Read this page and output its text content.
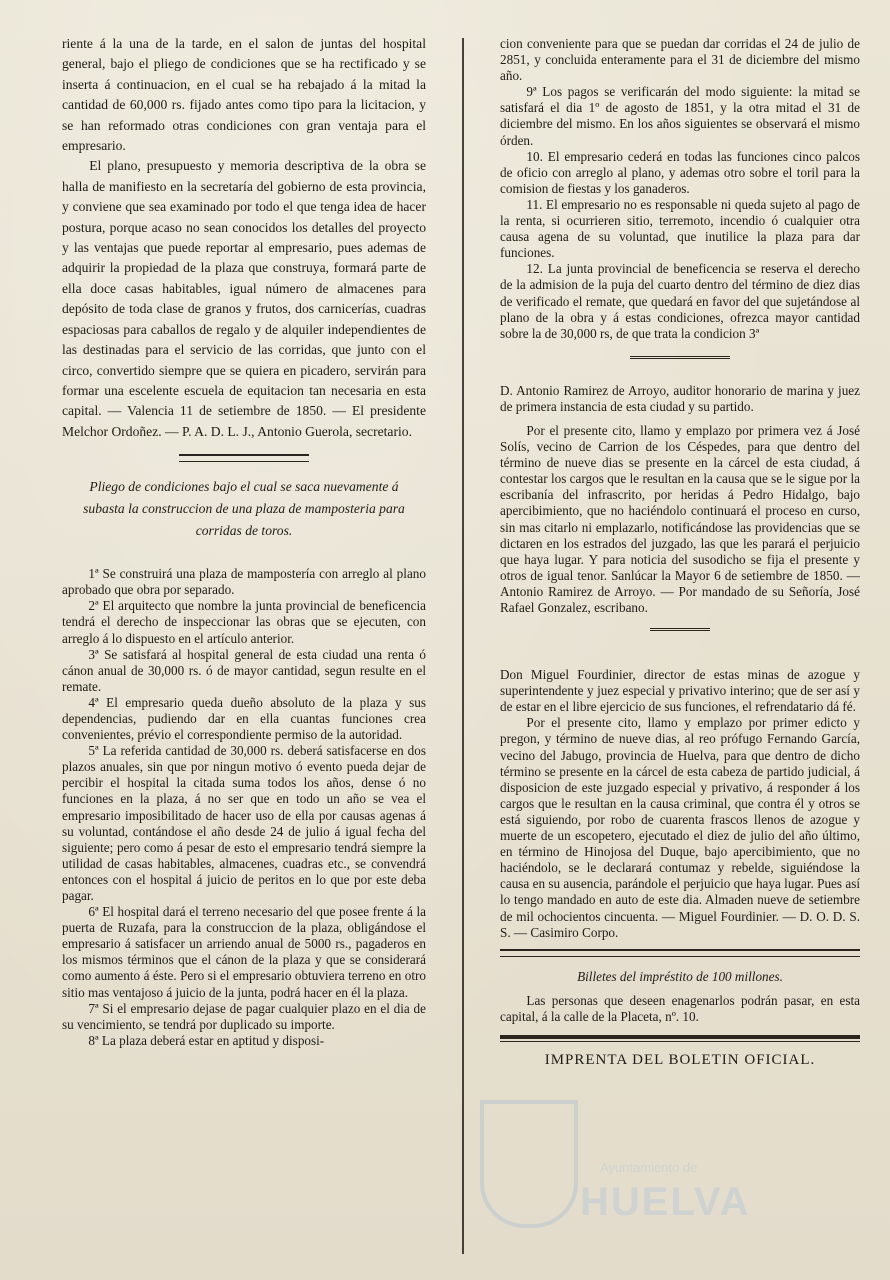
riente á la una de la tarde, en el salon de juntas del hospital general, bajo el pliego de condiciones que se ha rectificado y se inserta á continuacion, en el cual se ha rebajado á la mitad la cantidad de 60,000 rs. fijado antes como tipo para la licitacion, y se han reformado otras condiciones con gran ventaja para el empresario.

El plano, presupuesto y memoria descriptiva de la obra se halla de manifiesto en la secretaría del gobierno de esta provincia, y conviene que sea examinado por todo el que tenga idea de hacer postura, porque acaso no sean conocidos los detalles del proyecto y las ventajas que puede reportar al empresario, pues ademas de adquirir la propiedad de la plaza que construya, formará parte de ella doce casas habitables, igual número de almacenes para depósito de toda clase de granos y frutos, dos carnicerías, cuadras espaciosas para caballos de regalo y de alquiler independientes de las destinadas para el servicio de las corridas, que junto con el circo, convertido siempre que se quiera en picadero, servirán para formar una escelente escuela de equitacion tan necesaria en esta capital. — Valencia 11 de setiembre de 1850. — El presidente Melchor Ordoñez. — P. A. D. L. J., Antonio Guerola, secretario.

Pliego de condiciones bajo el cual se saca nuevamente á subasta la construccion de una plaza de mamposteria para corridas de toros.

1ª Se construirá una plaza de mampostería con arreglo al plano aprobado que obra por separado.

2ª El arquitecto que nombre la junta provincial de beneficencia tendrá el derecho de inspeccionar las obras que se ejecuten, con arreglo á lo dispuesto en el artículo anterior.

3ª Se satisfará al hospital general de esta ciudad una renta ó cánon anual de 30,000 rs. ó de mayor cantidad, segun resulte en el remate.

4ª El empresario queda dueño absoluto de la plaza y sus dependencias, pudiendo dar en ella cuantas funciones crea convenientes, prévio el correspondiente permiso de la autoridad.

5ª La referida cantidad de 30,000 rs. deberá satisfacerse en dos plazos anuales, sin que por ningun motivo ó evento pueda dejar de percibir el hospital la citada suma todos los años, dense ó no funciones en la plaza, á no ser que en todo un año se vea el empresario imposibilitado de hacer uso de ella por causas agenas á su voluntad, contándose el año desde 24 de julio á igual fecha del siguiente; pero como á pesar de esto el empresario tendrá siempre la utilidad de casas habitables, almacenes, cuadras etc., se convendrá entonces con el hospital á juicio de peritos en lo que por este deba pagar.

6ª El hospital dará el terreno necesario del que posee frente á la puerta de Ruzafa, para la construccion de la plaza, obligándose el empresario á satisfacer un arriendo anual de 5000 rs., pagaderos en los mismos términos que el cánon de la plaza y que se considerará como aumento á éste. Pero si el empresario obtuviera terreno en otro sitio mas ventajoso á juicio de la junta, podrá hacer en él la plaza.

7ª Si el empresario dejase de pagar cualquier plazo en el dia de su vencimiento, se tendrá por duplicado su importe.

8ª La plaza deberá estar en aptitud y disposi-

cion conveniente para que se puedan dar corridas el 24 de julio de 2851, y concluida enteramente para el 31 de diciembre del mismo año.

9ª Los pagos se verificarán del modo siguiente: la mitad se satisfará el dia 1º de agosto de 1851, y la otra mitad el 31 de diciembre del mismo. En los años siguientes se observará el mismo órden.

10. El empresario cederá en todas las funciones cinco palcos de oficio con arreglo al plano, y ademas otro sobre el toril para la comision de fiestas y los ganaderos.

11. El empresario no es responsable ni queda sujeto al pago de la renta, si ocurrieren sitio, terremoto, incendio ó cualquier otra causa agena de su voluntad, que inutilice la plaza para dar funciones.

12. La junta provincial de beneficencia se reserva el derecho de la admision de la puja del cuarto dentro del término de diez dias de verificado el remate, que quedará en favor del que sujetándose al plano de la obra y á estas condiciones, ofrezca mayor cantidad sobre la de 30,000 rs, de que trata la condicion 3ª

D. Antonio Ramirez de Arroyo, auditor honorario de marina y juez de primera instancia de esta ciudad y su partido.

Por el presente cito, llamo y emplazo por primera vez á José Solís, vecino de Carrion de los Céspedes, para que dentro del término de nueve dias se presente en la cárcel de esta ciudad, á contestar los cargos que le resultan en la causa que se le sigue por la escribanía del infrascrito, por heridas á Pedro Hidalgo, bajo apercibimiento, que no haciéndolo continuará el proceso en curso, sin mas citarlo ni emplazarlo, notificándose las providencias que se dictaren en los estrados del juzgado, las que les parará el perjuicio que haya lugar. Y para noticia del susodicho se fija el presente y otros de igual tenor. Sanlúcar la Mayor 6 de setiembre de 1850. — Antonio Ramirez de Arroyo. — Por mandado de su Señoría, José Rafael Gonzalez, escribano.

Don Miguel Fourdinier, director de estas minas de azogue y superintendente y juez especial y privativo interino; que de ser así y de estar en el libre ejercicio de sus funciones, el refrendatario dá fé.

Por el presente cito, llamo y emplazo por primer edicto y pregon, y término de nueve dias, al reo prófugo Fernando García, vecino del Jabugo, provincia de Huelva, para que dentro de dicho término se presente en la cárcel de esta cabeza de partido judicial, á disposicion de este juzgado especial y privativo, á responder á los cargos que le resultan en la causa criminal, que contra él y otros se está siguiendo, por robo de cuarenta frascos llenos de azogue y muerte de un escopetero, ejecutado el diez de julio del año último, en término de Hinojosa del Duque, bajo apercibimiento, que no haciéndolo, se le declarará contumaz y rebelde, siguiéndose la causa en su ausencia, parándole el perjuicio que haya lugar. Pues así lo tengo mandado en auto de este dia. Almaden nueve de setiembre de mil ochocientos cincuenta. — Miguel Fourdinier. — D. O. D. S. S. — Casimiro Corpo.

Billetes del impréstito de 100 millones.

Las personas que deseen enagenarlos podrán pasar, en esta capital, á la calle de la Placeta, nº. 10.

IMPRENTA DEL BOLETIN OFICIAL.

Ayuntamiento de
HUELVA
